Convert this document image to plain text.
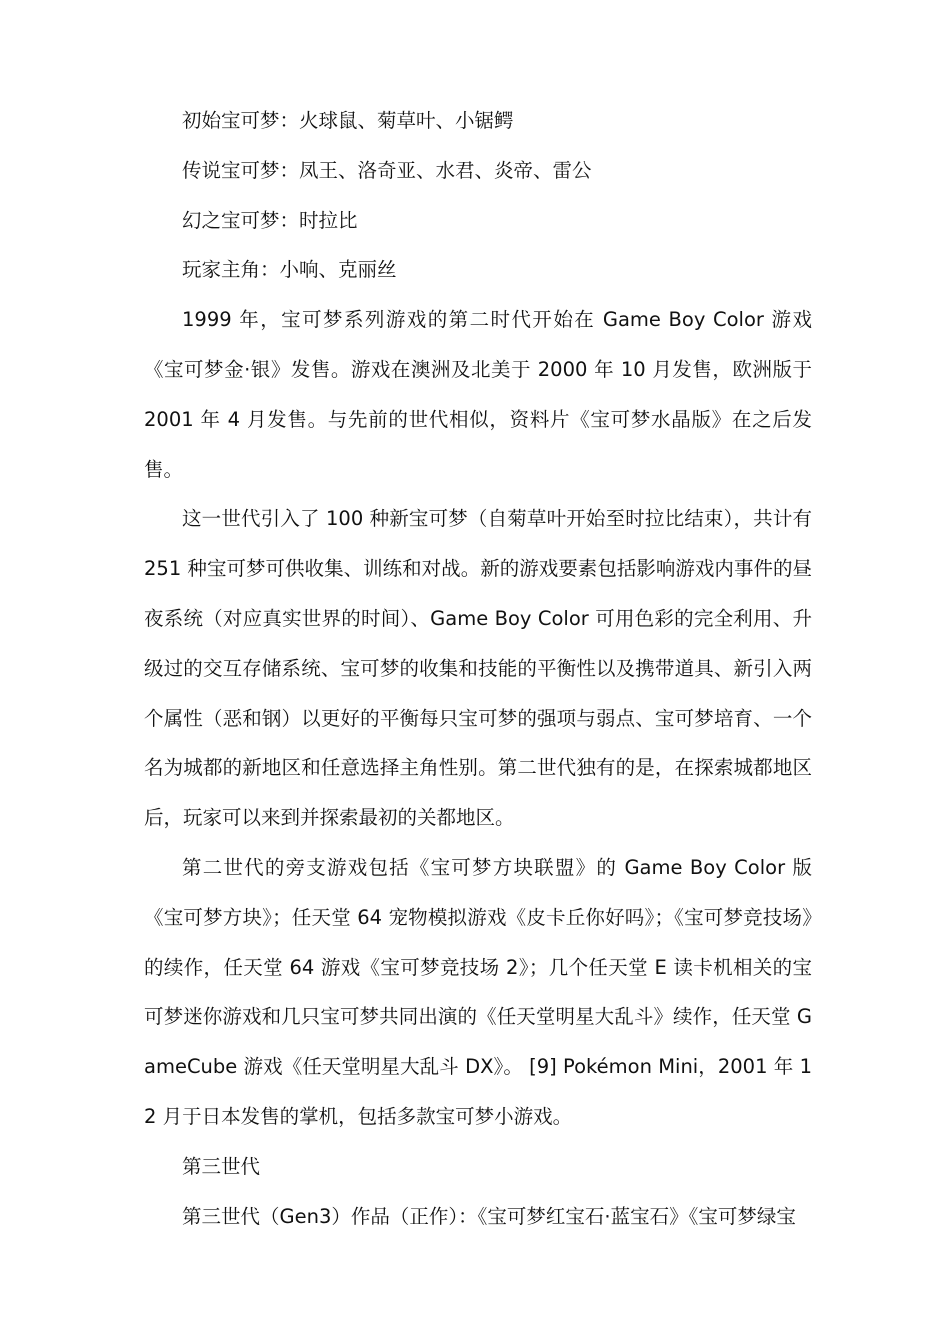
初始宝可梦：火球鼠、菊草叶、小锯鳄

传说宝可梦：凤王、洛奇亚、水君、炎帝、雷公

幻之宝可梦：时拉比

玩家主角：小响、克丽丝

1999 年，宝可梦系列游戏的第二时代开始在 Game Boy Color 游戏《宝可梦金·银》发售。游戏在澳洲及北美于 2000 年 10 月发售，欧洲版于 2001 年 4 月发售。与先前的世代相似，资料片《宝可梦水晶版》在之后发售。

这一世代引入了 100 种新宝可梦（自菊草叶开始至时拉比结束），共计有 251 种宝可梦可供收集、训练和对战。新的游戏要素包括影响游戏内事件的昼夜系统（对应真实世界的时间）、Game Boy Color 可用色彩的完全利用、升级过的交互存储系统、宝可梦的收集和技能的平衡性以及携带道具、新引入两个属性（恶和钢）以更好的平衡每只宝可梦的强项与弱点、宝可梦培育、一个名为城都的新地区和任意选择主角性别。第二世代独有的是，在探索城都地区后，玩家可以来到并探索最初的关都地区。

第二世代的旁支游戏包括《宝可梦方块联盟》的 Game Boy Color 版《宝可梦方块》；任天堂 64 宠物模拟游戏《皮卡丘你好吗》；《宝可梦竞技场》的续作，任天堂 64 游戏《宝可梦竞技场 2》；几个任天堂 E 读卡机相关的宝可梦迷你游戏和几只宝可梦共同出演的《任天堂明星大乱斗》续作，任天堂 GameCube 游戏《任天堂明星大乱斗 DX》。 [9] Pokémon Mini，2001 年 12 月于日本发售的掌机，包括多款宝可梦小游戏。

第三世代

第三世代（Gen3）作品（正作）：《宝可梦红宝石·蓝宝石》《宝可梦绿宝
